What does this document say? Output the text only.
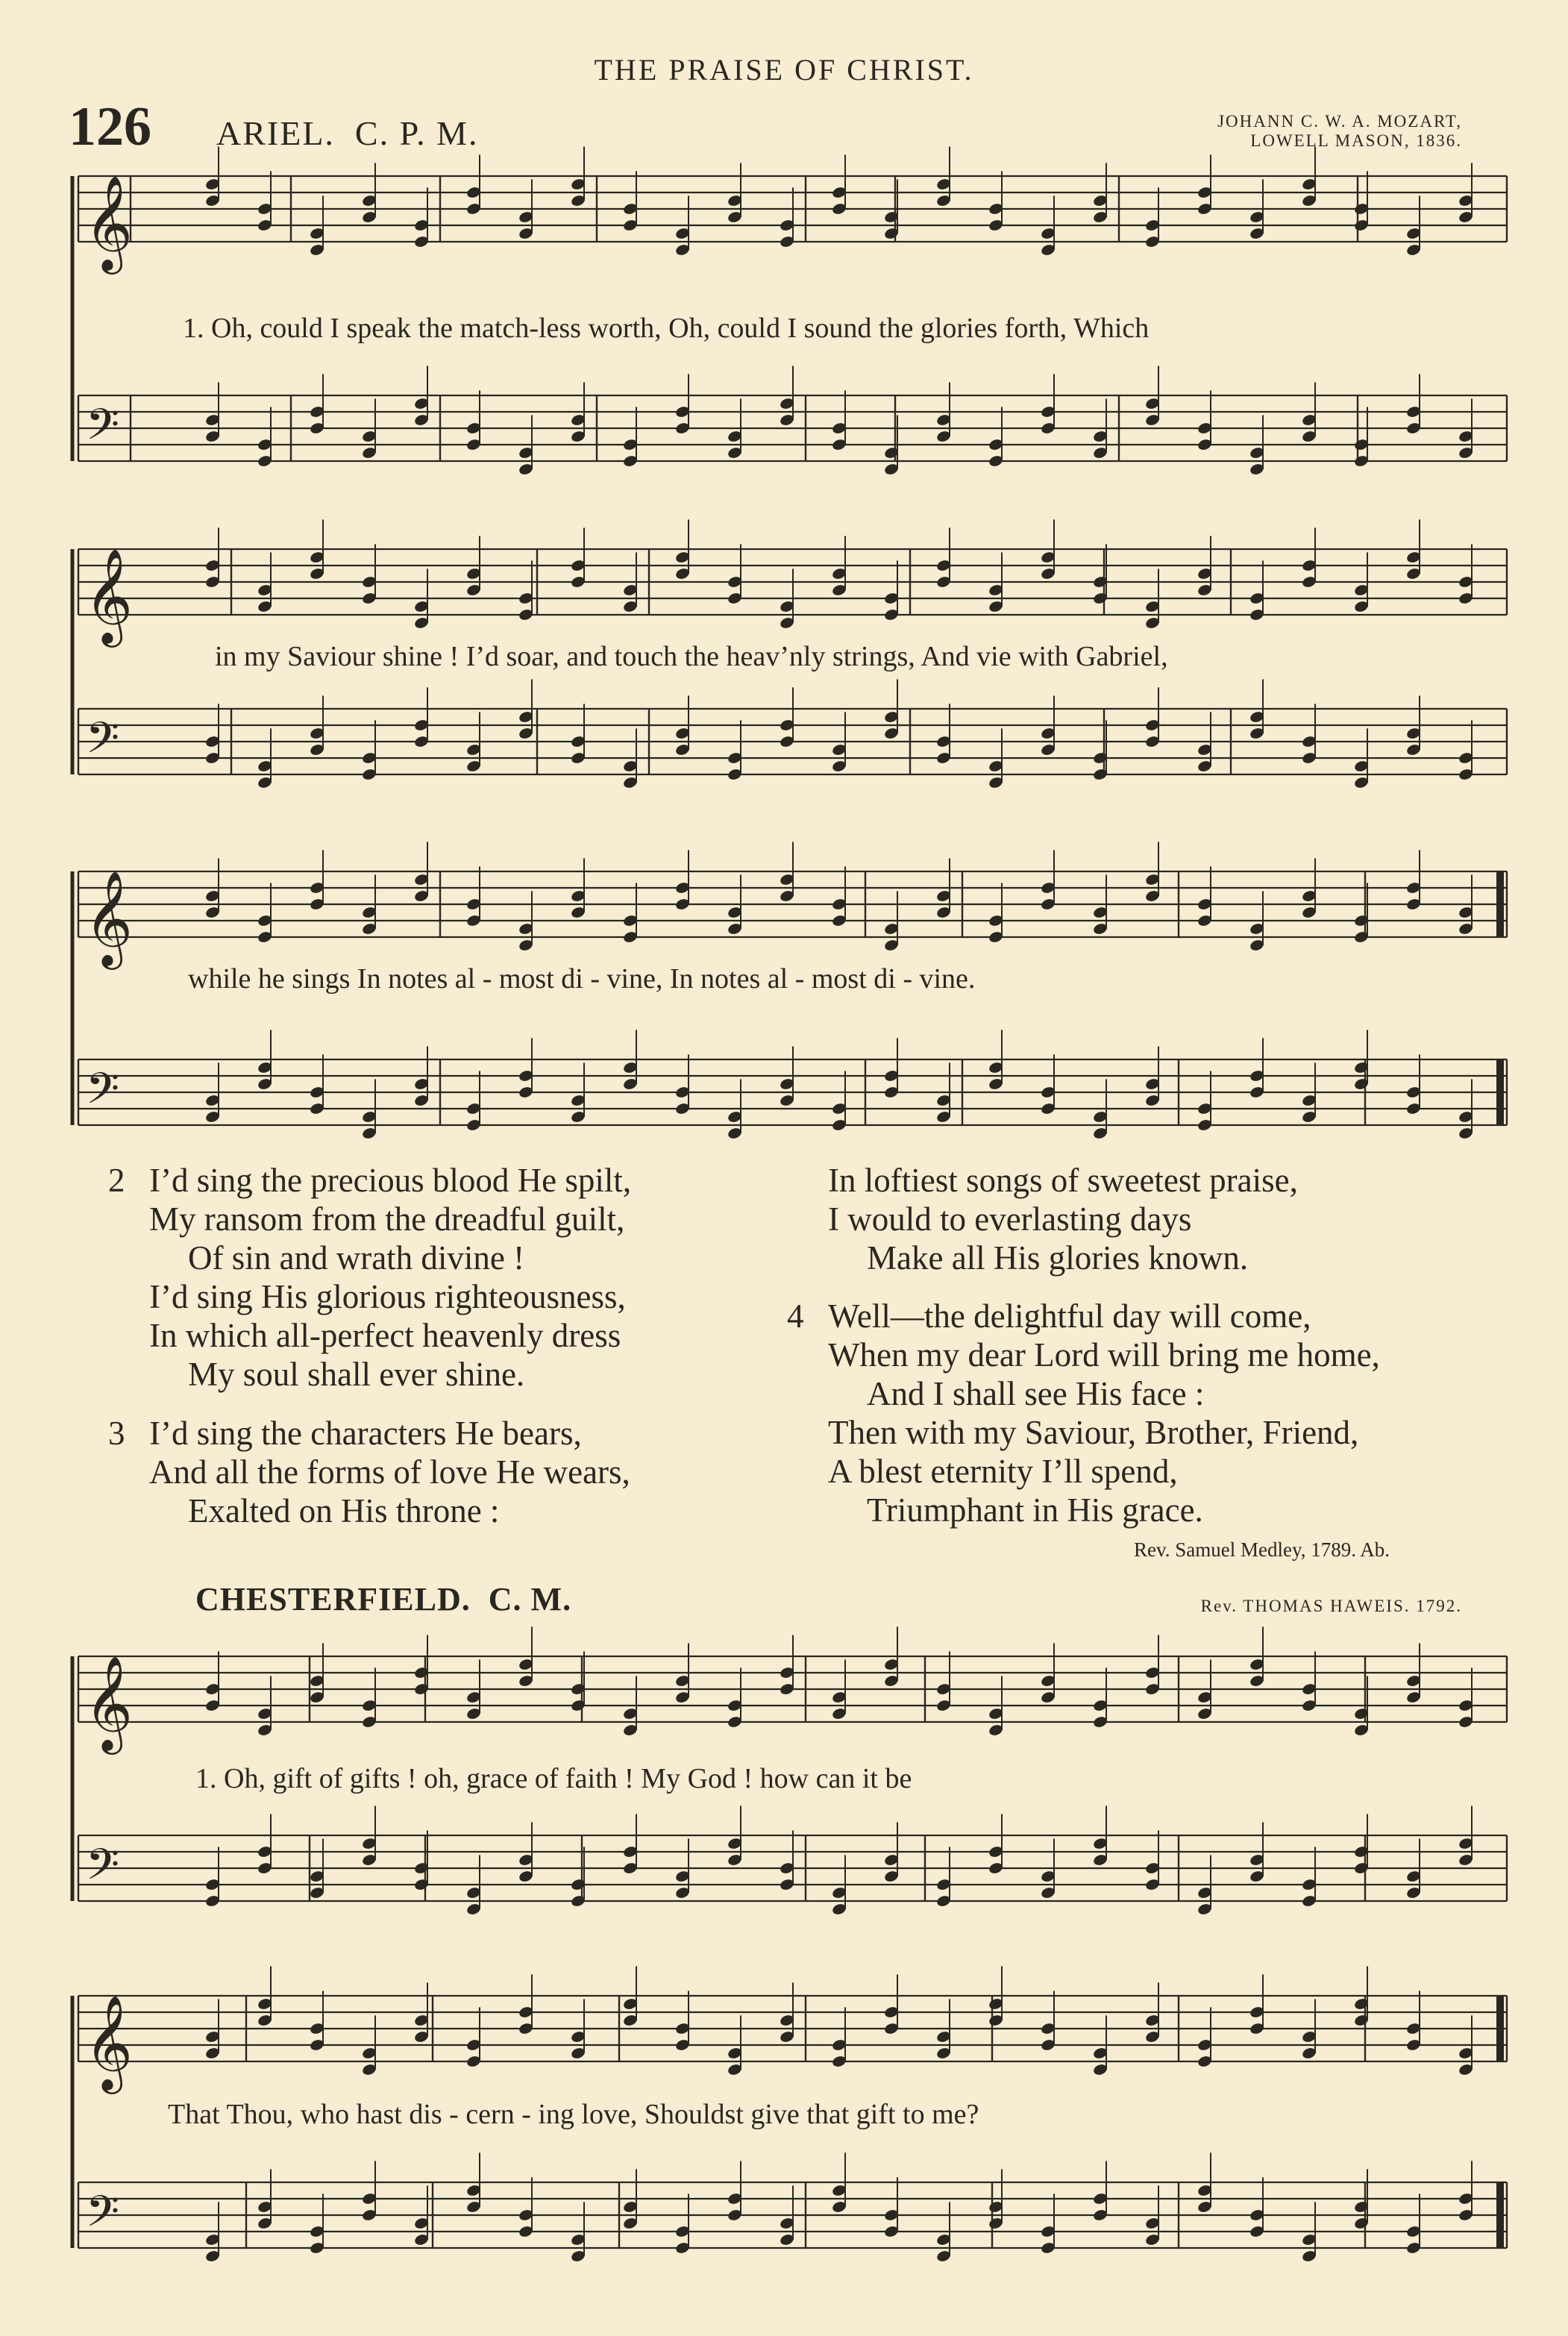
THE PRAISE OF CHRIST.
126 ARIEL. C. P. M.	JOHANN C. W. A. MOZART,
LOWELL MASON, 1836.
𝄞
𝄢
𝄞
𝄢
𝄞
𝄢
𝄞
𝄢
𝄞
𝄢
1. Oh, could I speak the match-less worth, Oh, could I sound the glories forth, Which
in my Saviour shine ! I’d soar, and touch the heav’nly strings, And vie with Gabriel,
while he sings In notes al - most di - vine, In notes al - most di - vine.
2 I’d sing the precious blood He spilt,
My ransom from the dreadful guilt,
Of sin and wrath divine !
I’d sing His glorious righteousness,
In which all-perfect heavenly dress
My soul shall ever shine.
3 I’d sing the characters He bears,
And all the forms of love He wears,
Exalted on His throne :
In loftiest songs of sweetest praise,
I would to everlasting days
Make all His glories known.
4 Well—the delightful day will come,
When my dear Lord will bring me home,
And I shall see His face :
Then with my Saviour, Brother, Friend,
A blest eternity I’ll spend,
Triumphant in His grace.
Rev. Samuel Medley, 1789. Ab.
CHESTERFIELD. C. M.	Rev. THOMAS HAWEIS. 1792.
1. Oh, gift of gifts ! oh, grace of faith ! My God ! how can it be
That Thou, who hast dis - cern - ing love, Shouldst give that gift to me?
